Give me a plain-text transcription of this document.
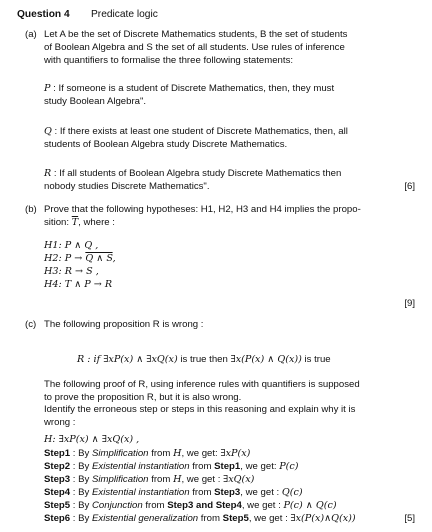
Question 4 Predicate logic
(a) Let A be the set of Discrete Mathematics students, B the set of students
of Boolean Algebra and S the set of all students. Use rules of inference
with quantifiers to formalise the three following statements:
P : If someone is a student of Discrete Mathematics, then, they must
study Boolean Algebra".
Q : If there exists at least one student of Discrete Mathematics, then, all
students of Boolean Algebra study Discrete Mathematics.
R : If all students of Boolean Algebra study Discrete Mathematics then
nobody studies Discrete Mathematics".	[6]
(b) Prove that the following hypotheses: H1, H2, H3 and H4 implies the propo-
sition: $\overline{T}$, where :
H1: P ∧ Q ,
H2: P → Q ∧ S,
H3: R → S ,
H4: T ∧ P → R
[9]
(c) The following proposition R is wrong :
R : if ∃xP(x) ∧ ∃xQ(x) is true then ∃x(P(x) ∧ Q(x)) is true
The following proof of R, using inference rules with quantifiers is supposed
to prove the proposition R, but it is also wrong.
Identify the erroneous step or steps in this reasoning and explain why it is
wrong :
H: ∃xP(x) ∧ ∃xQ(x) ,
Step1 : By Simplification from H, we get: ∃xP(x)
Step2 : By Existential instantiation from Step1, we get: P(c)
Step3 : By Simplification from H, we get : ∃xQ(x)
Step4 : By Existential instantiation from Step3, we get : Q(c)
Step5 : By Conjunction from Step3 and Step4, we get : P(c) ∧ Q(c)
Step6 : By Existential generalization from Step5, we get : ∃x(P(x)∧Q(x))	[5]
